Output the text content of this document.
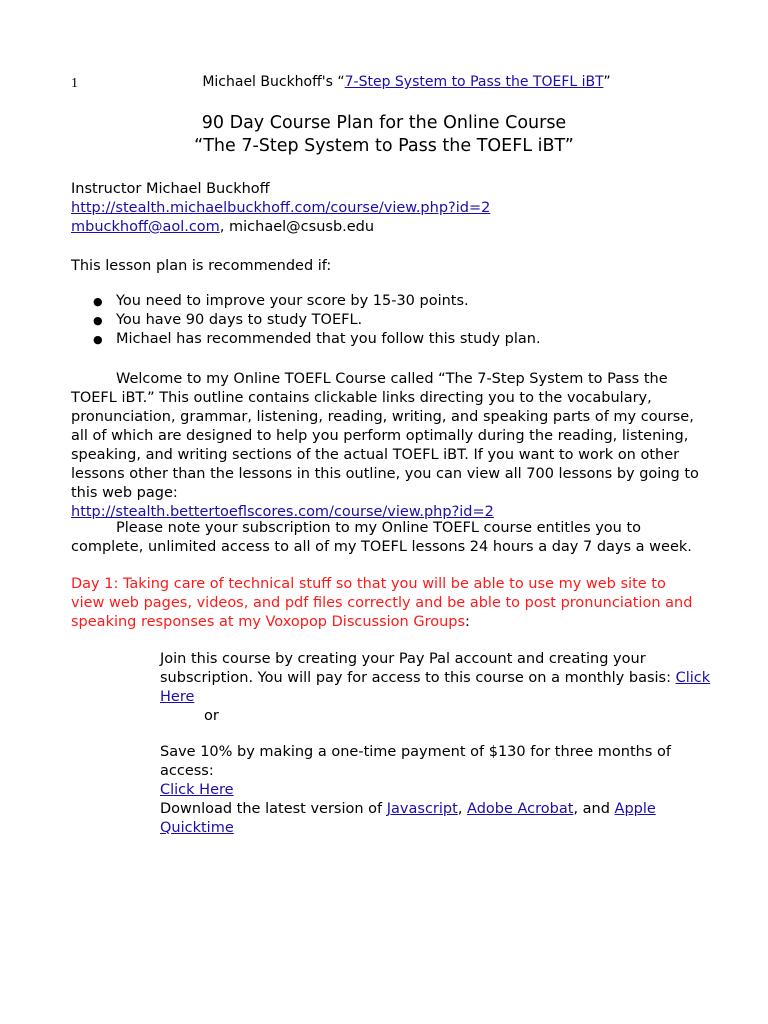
1	Michael Buckhoff's “7-Step System to Pass the TOEFL iBT”
90 Day Course Plan for the Online Course
“The 7-Step System to Pass the TOEFL iBT”
Instructor Michael Buckhoff
http://stealth.michaelbuckhoff.com/course/view.php?id=2
mbuckhoff@aol.com, michael@csusb.edu
This lesson plan is recommended if:
● You need to improve your score by 15-30 points.
● You have 90 days to study TOEFL.
● Michael has recommended that you follow this study plan.
Welcome to my Online TOEFL Course called “The 7-Step System to Pass the TOEFL iBT.” This outline contains clickable links directing you to the vocabulary, pronunciation, grammar, listening, reading, writing, and speaking parts of my course, all of which are designed to help you perform optimally during the reading, listening, speaking, and writing sections of the actual TOEFL iBT. If you want to work on other lessons other than the lessons in this outline, you can view all 700 lessons by going to this web page:
http://stealth.bettertoeflscores.com/course/view.php?id=2
Please note your subscription to my Online TOEFL course entitles you to complete, unlimited access to all of my TOEFL lessons 24 hours a day 7 days a week.
Day 1: Taking care of technical stuff so that you will be able to use my web site to view web pages, videos, and pdf files correctly and be able to post pronunciation and speaking responses at my Voxopop Discussion Groups:
Join this course by creating your Pay Pal account and creating your subscription. You will pay for access to this course on a monthly basis: Click Here
or
Save 10% by making a one-time payment of $130 for three months of access:
Click Here
Download the latest version of Javascript, Adobe Acrobat, and Apple Quicktime
